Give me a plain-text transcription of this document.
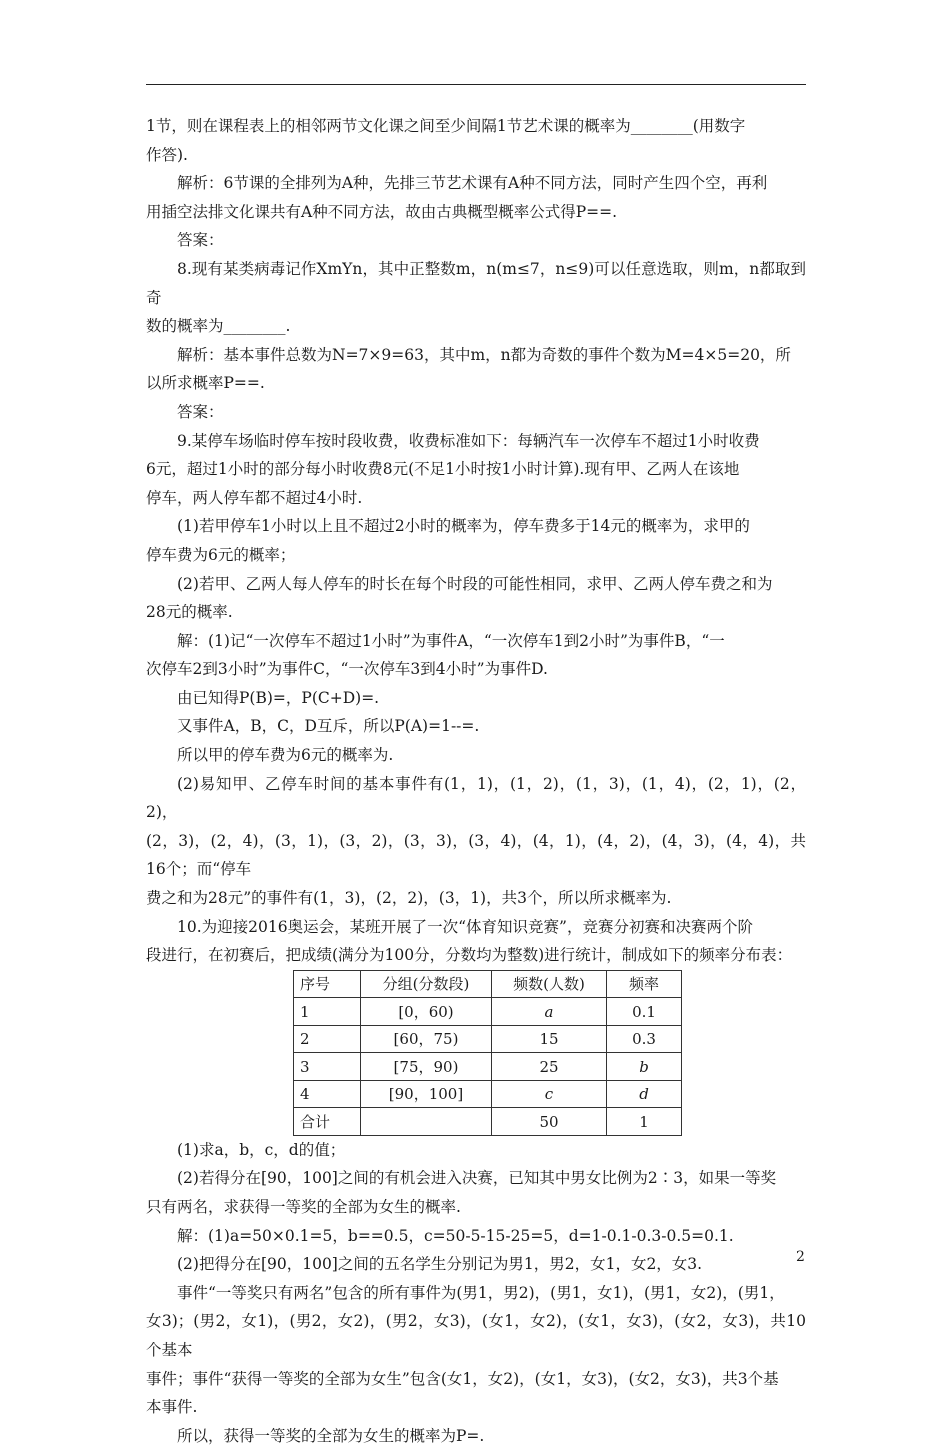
1节，则在课程表上的相邻两节文化课之间至少间隔1节艺术课的概率为________(用数字

作答).

解析：6节课的全排列为A种，先排三节艺术课有A种不同方法，同时产生四个空，再利

用插空法排文化课共有A种不同方法，故由古典概型概率公式得P==.

答案：

8.现有某类病毒记作XmYn，其中正整数m，n(m≤7，n≤9)可以任意选取，则m，n都取到奇

数的概率为________.

解析：基本事件总数为N=7×9=63，其中m，n都为奇数的事件个数为M=4×5=20，所

以所求概率P==.

答案：

9.某停车场临时停车按时段收费，收费标准如下：每辆汽车一次停车不超过1小时收费

6元，超过1小时的部分每小时收费8元(不足1小时按1小时计算).现有甲、乙两人在该地

停车，两人停车都不超过4小时.

(1)若甲停车1小时以上且不超过2小时的概率为，停车费多于14元的概率为，求甲的

停车费为6元的概率；

(2)若甲、乙两人每人停车的时长在每个时段的可能性相同，求甲、乙两人停车费之和为

28元的概率.

解：(1)记“一次停车不超过1小时”为事件A，“一次停车1到2小时”为事件B，“一

次停车2到3小时”为事件C，“一次停车3到4小时”为事件D.

由已知得P(B)=，P(C+D)=.

又事件A，B，C，D互斥，所以P(A)=1--=.

所以甲的停车费为6元的概率为.

(2)易知甲、乙停车时间的基本事件有(1，1)，(1，2)，(1，3)，(1，4)，(2，1)，(2，2)，

(2，3)，(2，4)，(3，1)，(3，2)，(3，3)，(3，4)，(4，1)，(4，2)，(4，3)，(4，4)，共16个；而“停车

费之和为28元”的事件有(1，3)，(2，2)，(3，1)，共3个，所以所求概率为.

10.为迎接2016奥运会，某班开展了一次“体育知识竞赛”，竞赛分初赛和决赛两个阶

段进行，在初赛后，把成绩(满分为100分，分数均为整数)进行统计，制成如下的频率分布表：

序号	分组(分数段)	频数(人数)	频率
1	[0，60)	a	0.1
2	[60，75)	15	0.3
3	[75，90)	25	b
4	[90，100]	c	d
合计		50	1

(1)求a，b，c，d的值；

(2)若得分在[90，100]之间的有机会进入决赛，已知其中男女比例为2∶3，如果一等奖

只有两名，求获得一等奖的全部为女生的概率.

解：(1)a=50×0.1=5，b==0.5，c=50-5-15-25=5，d=1-0.1-0.3-0.5=0.1.

(2)把得分在[90，100]之间的五名学生分别记为男1，男2，女1，女2，女3.

事件“一等奖只有两名”包含的所有事件为(男1，男2)，(男1，女1)，(男1，女2)，(男1，

女3)；(男2，女1)，(男2，女2)，(男2，女3)，(女1，女2)，(女1，女3)，(女2，女3)，共10个基本

事件；事件“获得一等奖的全部为女生”包含(女1，女2)，(女1，女3)，(女2，女3)，共3个基

本事件.

所以，获得一等奖的全部为女生的概率为P=.

2
